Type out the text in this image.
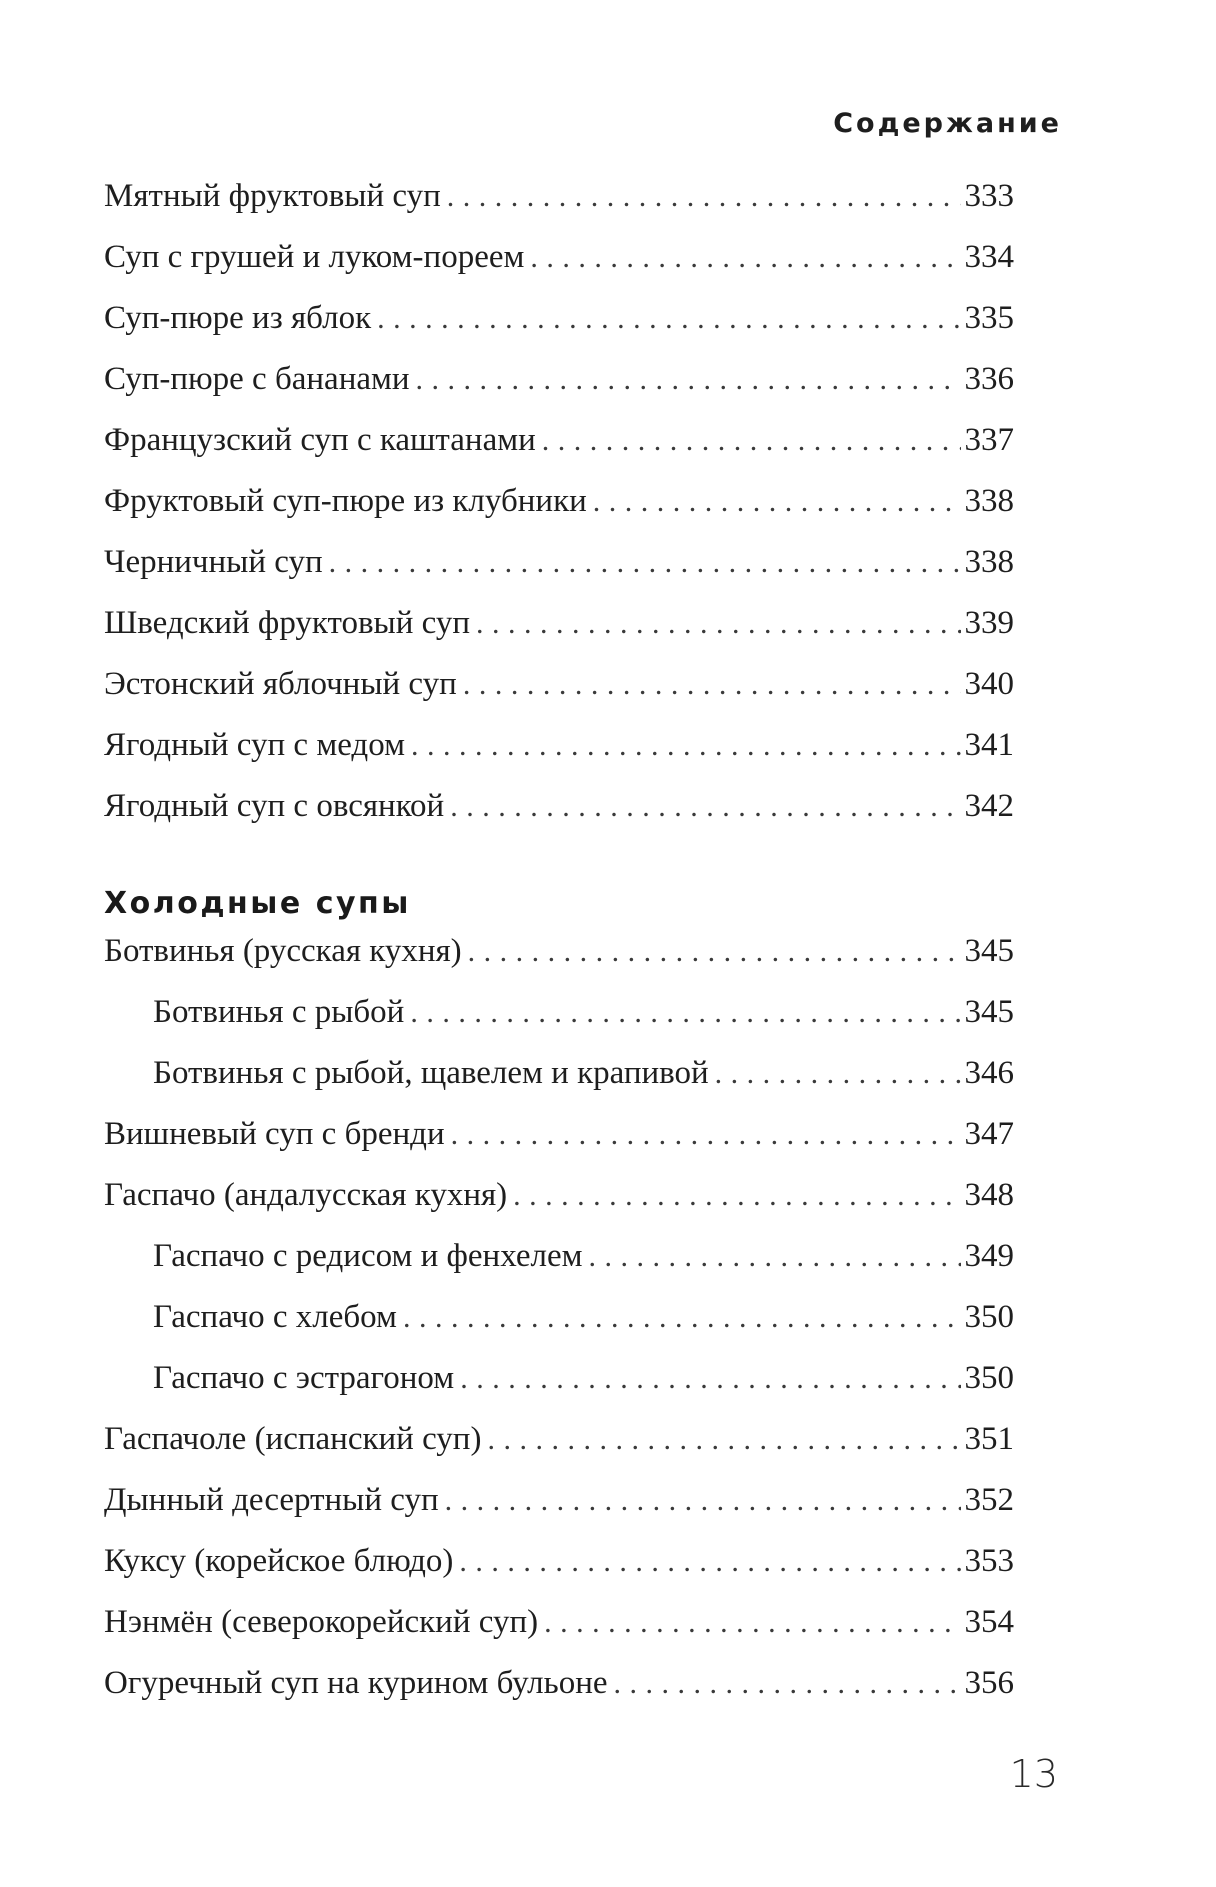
Содержание
Мятный фруктовый суп . . .	333
Суп с грушей и луком-пореем . . .	334
Суп-пюре из яблок . . .	335
Суп-пюре с бананами . . .	336
Французский суп с каштанами . . .	337
Фруктовый суп-пюре из клубники . . .	338
Черничный суп . . .	338
Шведский фруктовый суп . . .	339
Эстонский яблочный суп . . .	340
Ягодный суп с медом . . .	341
Ягодный суп с овсянкой . . .	342
Холодные супы
Ботвинья (русская кухня) . . .	345
Ботвинья с рыбой . . .	345
Ботвинья с рыбой, щавелем и крапивой . . .	346
Вишневый суп с бренди . . .	347
Гаспачо (андалусская кухня) . . .	348
Гаспачо с редисом и фенхелем . . .	349
Гаспачо с хлебом . . .	350
Гаспачо с эстрагоном . . .	350
Гаспачоле (испанский суп) . . .	351
Дынный десертный суп . . .	352
Куксу (корейское блюдо) . . .	353
Нэнмён (северокорейский суп) . . .	354
Огуречный суп на курином бульоне . . .	356
13
